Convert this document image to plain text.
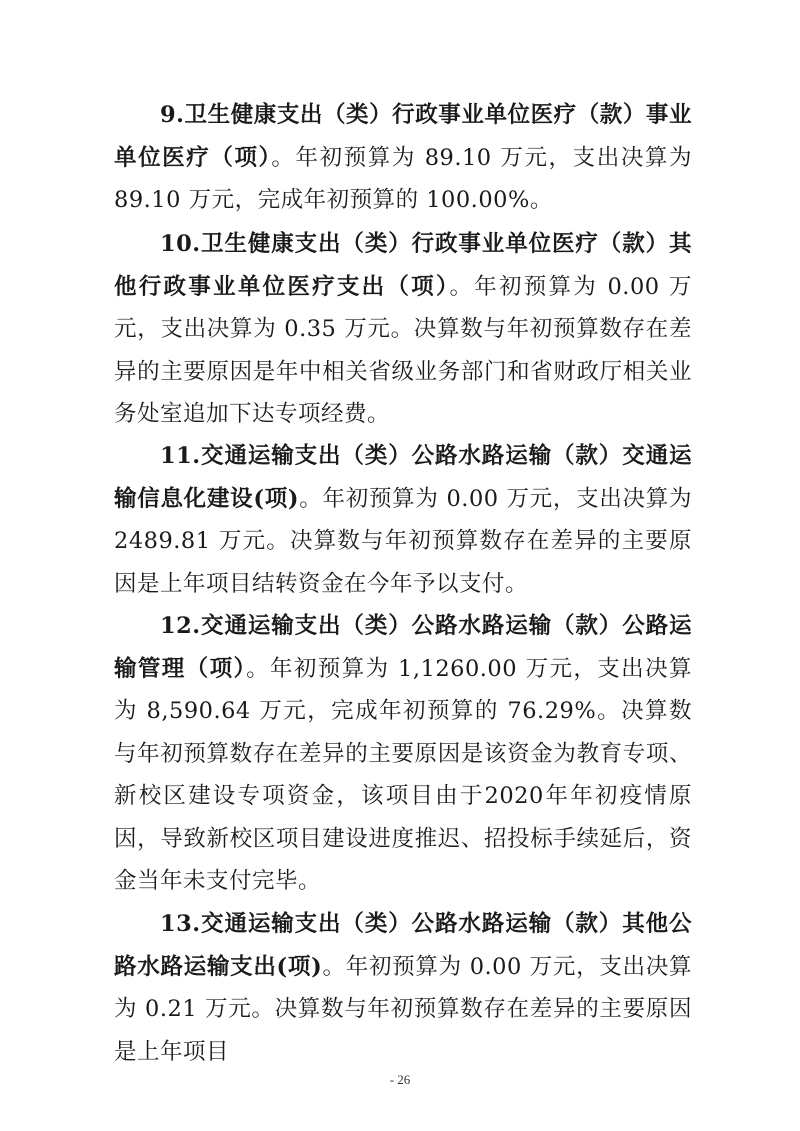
9.卫生健康支出（类）行政事业单位医疗（款）事业单位医疗（项）。年初预算为 89.10 万元，支出决算为 89.10 万元，完成年初预算的 100.00%。

10.卫生健康支出（类）行政事业单位医疗（款）其他行政事业单位医疗支出（项）。年初预算为 0.00 万元，支出决算为 0.35 万元。决算数与年初预算数存在差异的主要原因是年中相关省级业务部门和省财政厅相关业务处室追加下达专项经费。

11.交通运输支出（类）公路水路运输（款）交通运输信息化建设(项)。年初预算为 0.00 万元，支出决算为 2489.81 万元。决算数与年初预算数存在差异的主要原因是上年项目结转资金在今年予以支付。

12.交通运输支出（类）公路水路运输（款）公路运输管理（项）。年初预算为 1,1260.00 万元，支出决算为 8,590.64 万元，完成年初预算的 76.29%。决算数与年初预算数存在差异的主要原因是该资金为教育专项、新校区建设专项资金，该项目由于2020年年初疫情原因，导致新校区项目建设进度推迟、招投标手续延后，资金当年未支付完毕。

13.交通运输支出（类）公路水路运输（款）其他公路水路运输支出(项)。年初预算为 0.00 万元，支出决算为 0.21 万元。决算数与年初预算数存在差异的主要原因是上年项目

- 26
